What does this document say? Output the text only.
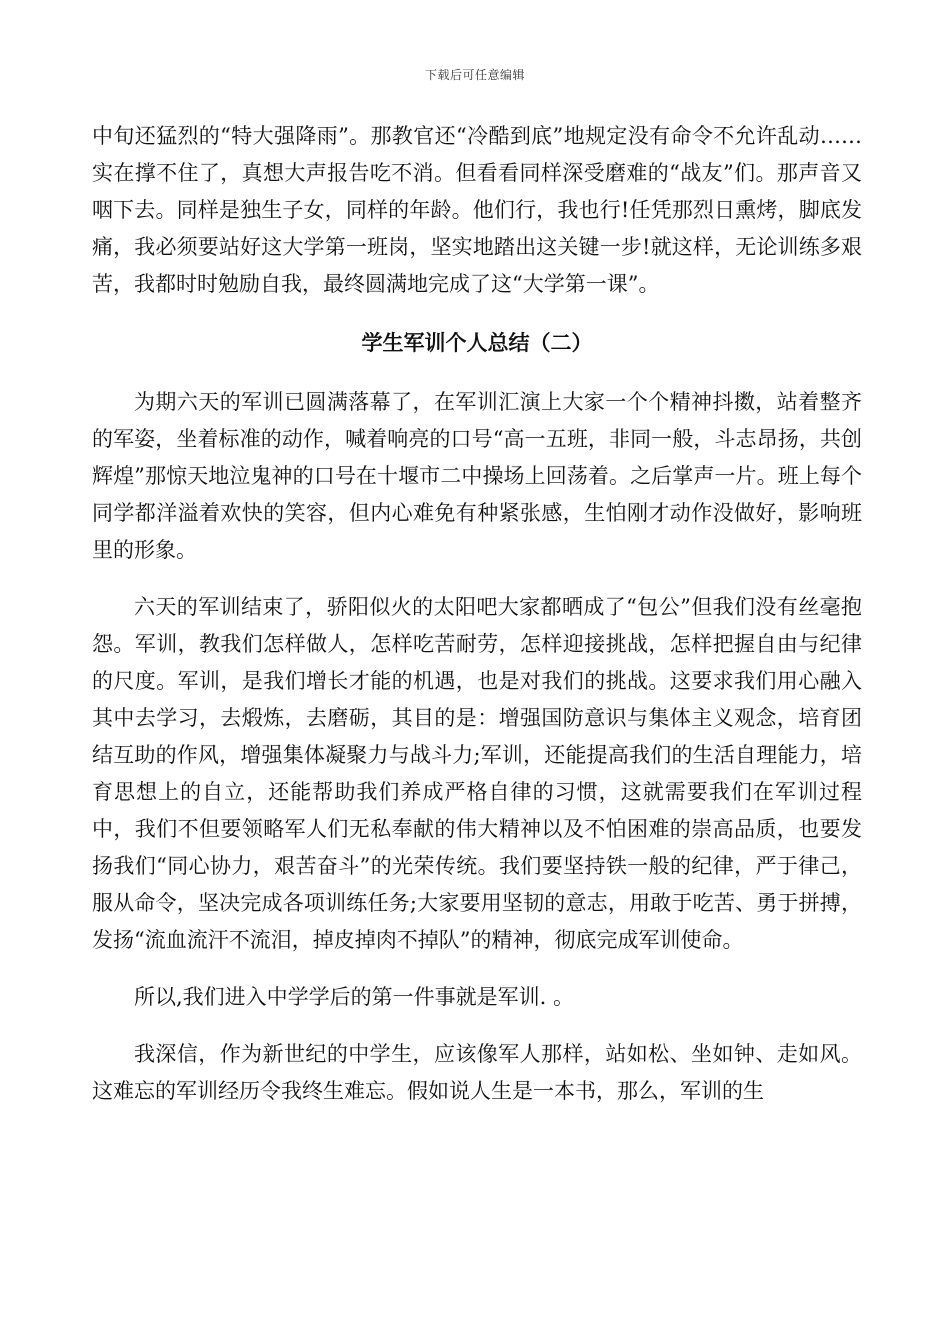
下载后可任意编辑

中旬还猛烈的“特大强降雨”。那教官还“冷酷到底”地规定没有命令不允许乱动……实在撑不住了，真想大声报告吃不消。但看看同样深受磨难的“战友”们。那声音又咽下去。同样是独生子女，同样的年龄。他们行，我也行!任凭那烈日熏烤，脚底发痛，我必须要站好这大学第一班岗，坚实地踏出这关键一步!就这样，无论训练多艰苦，我都时时勉励自我，最终圆满地完成了这“大学第一课”。

学生军训个人总结（二）

为期六天的军训已圆满落幕了，在军训汇演上大家一个个精神抖擞，站着整齐的军姿，坐着标准的动作，喊着响亮的口号“高一五班，非同一般，斗志昂扬，共创辉煌”那惊天地泣鬼神的口号在十堰市二中操场上回荡着。之后掌声一片。班上每个同学都洋溢着欢快的笑容，但内心难免有种紧张感，生怕刚才动作没做好，影响班里的形象。

六天的军训结束了，骄阳似火的太阳吧大家都晒成了“包公”但我们没有丝毫抱怨。军训，教我们怎样做人，怎样吃苦耐劳，怎样迎接挑战，怎样把握自由与纪律的尺度。军训，是我们增长才能的机遇，也是对我们的挑战。这要求我们用心融入其中去学习，去煅炼，去磨砺，其目的是：增强国防意识与集体主义观念，培育团结互助的作风，增强集体凝聚力与战斗力;军训，还能提高我们的生活自理能力，培育思想上的自立，还能帮助我们养成严格自律的习惯，这就需要我们在军训过程中，我们不但要领略军人们无私奉献的伟大精神以及不怕困难的崇高品质，也要发扬我们“同心协力，艰苦奋斗”的光荣传统。我们要坚持铁一般的纪律，严于律己，服从命令，坚决完成各项训练任务;大家要用坚韧的意志，用敢于吃苦、勇于拼搏，发扬“流血流汗不流泪，掉皮掉肉不掉队”的精神，彻底完成军训使命。

所以,我们进入中学学后的第一件事就是军训. 。

我深信，作为新世纪的中学生，应该像军人那样，站如松、坐如钟、走如风。这难忘的军训经历令我终生难忘。假如说人生是一本书，那么，军训的生
